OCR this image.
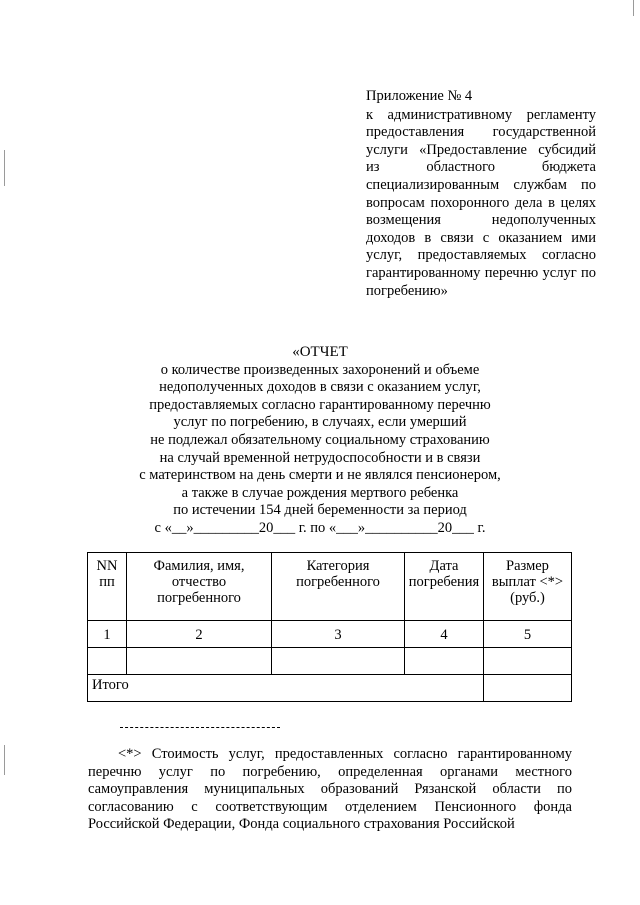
Приложение № 4
к административному регламенту предоставления государственной услуги «Предоставление субсидий из областного бюджета специализированным службам по вопросам похоронного дела в целях возмещения недополученных доходов в связи с оказанием ими услуг, предоставляемых согласно гарантированному перечню услуг по погребению»
«ОТЧЕТ
о количестве произведенных захоронений и объеме
недополученных доходов в связи с оказанием услуг,
предоставляемых согласно гарантированному перечню
услуг по погребению, в случаях, если умерший
не подлежал обязательному социальному страхованию
на случай временной нетрудоспособности и в связи
с материнством на день смерти и не являлся пенсионером,
а также в случае рождения мертвого ребенка
по истечении 154 дней беременности за период
с «__»_________20___ г. по «___»__________20___ г.
NN пп	Фамилия, имя, отчество погребенного	Категория погребенного	Дата погребения	Размер выплат <*> (руб.)
1	2	3	4	5

Итого				
<*> Стоимость услуг, предоставленных согласно гарантированному перечню услуг по погребению, определенная органами местного самоуправления муниципальных образований Рязанской области по согласованию с соответствующим отделением Пенсионного фонда Российской Федерации, Фонда социального страхования Российской
